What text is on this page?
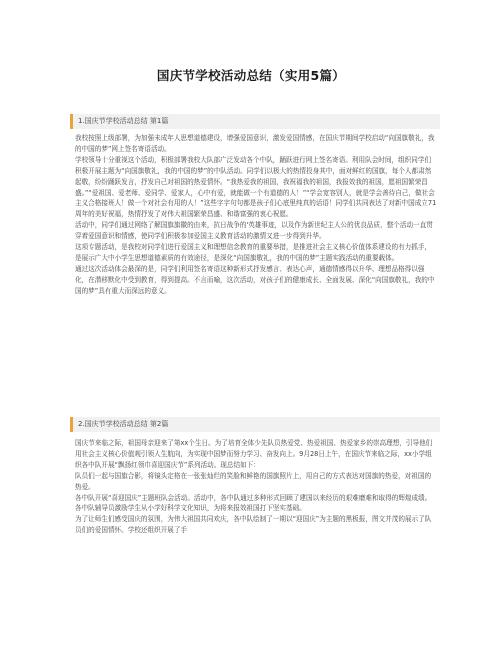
国庆节学校活动总结（实用5篇）
1.国庆节学校活动总结 第1篇

我校按照上级部署，为加强未成年人思想道德建设，增强爱国意识，激发爱国情感，在国庆节期间学校启动“向国旗敬礼，我的中国的梦”网上签名寄语活动。

学校领导十分重视这个活动，积极部署我校大队部广泛发动各个中队，踊跃进行网上签名寄语。利用队会时间，组织同学们积极开展主题为“向国旗敬礼，我的中国的梦”的中队活动。同学们以极大的热情投身其中，面对鲜红的国旗，每个人都肃然起敬，纷纷踊跃发言，抒发自己对祖国的热爱情怀。“我热爱我的祖国，我祝福我的祖国，我报效我的祖国，愿祖国繁荣昌盛。”“爱祖国、爱老师、爱同学、爱家人，心中有爱，就能做一个有道德的人！”“学会宽容别人，就是学会善待自己，做社会主义合格接班人！做一个对社会有用的人！”这些字字句句都是孩子们心底里纯真的话语！同学们共同表达了对新中国成立71周年的美好祝福，热情抒发了对伟大祖国繁荣昌盛、和谐富强的衷心祝愿。

活动中，同学们通过网络了解国旗旗徽的由来，抗日战争的'英雄事迹，以及作为新世纪主人公的优良品质，整个活动一直贯穿着爱国意识和情感，使同学们积极参加爱国主义教育活动的激情又进一步得到升华。

这项专题活动，是我校对同学们进行爱国主义和理想信念教育的重要举措，是推进社会主义核心价值体系建设的有力抓手，是展示广大中小学生思想道德素质的有效途径，是深化“向国旗敬礼，我的中国的梦”主题实践活动的重要载体。

通过这次活动体会最深的是，同学们利用签名寄语这种新形式抒发感言、表达心声，通德情感得以升华、理想品格得以强化，在潜移默化中受到教育，得到提高。不言而喻，这次活动，对孩子们的健康成长、全面发展、深化“向国旗敬礼，我的中国的梦”具有重大而深远的意义。

2.国庆节学校活动总结 第2篇

国庆节来临之际，祖国母亲迎来了第xx个生日。为了培育全体少先队员热爱党、热爱祖国、热爱家乡的崇高理想，引导他们用社会主义核心价值观引领人生航向，为实现中国梦而努力学习、奋发向上。9月28日上午，在国庆节来临之际，xx小学组织各中队开展“飘扬红领巾喜迎国庆节”系列活动。现总结如下：

队员们一起与国旗合影，将镜头定格在一张张灿烂的笑脸和鲜艳的国旗照片上，用自己的方式表达对国旗的热爱，对祖国的热爱。

各中队开展“喜迎国庆”主题班队会活动。活动中，各中队通过多种形式回顾了建国以来经历的艰难磨难和取得的辉煌成绩。各中队辅导员激励学生从小学好科学文化知识，为将来报效祖国打下坚实基础。

为了让师生们感受国庆的氛围，为伟大祖国共同欢庆，各中队绘制了一期以“迎国庆”为主题的黑板报，图文并茂的展示了队员们的爱国情怀。学校还组织开展了手
